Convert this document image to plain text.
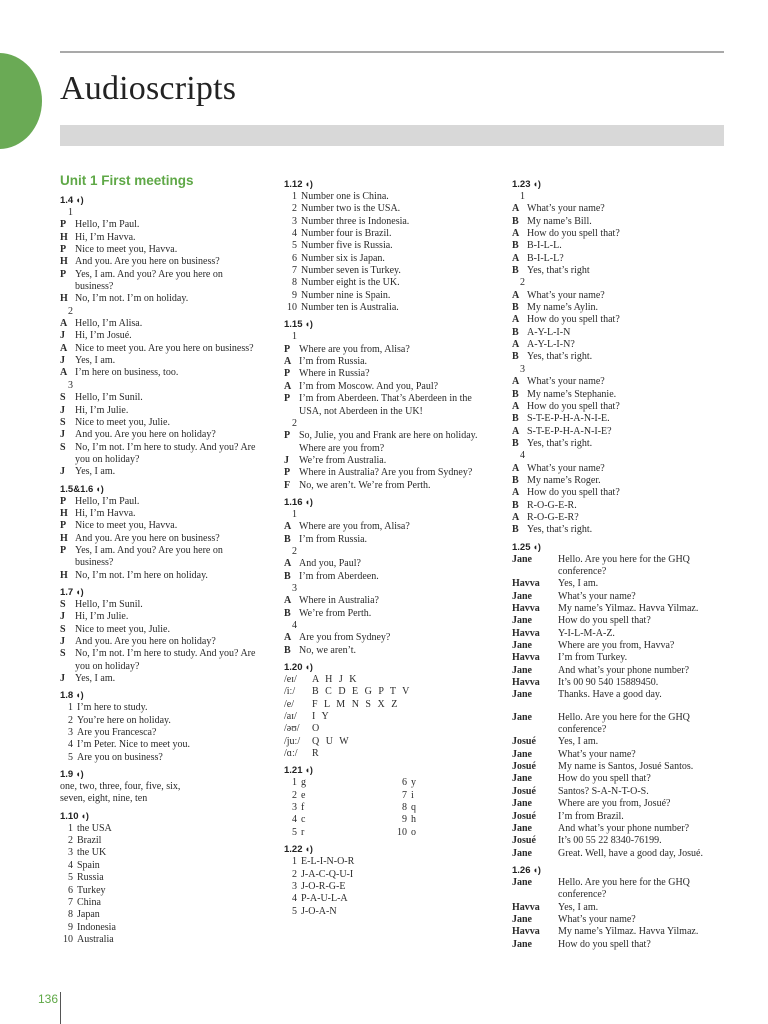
Audioscripts
Unit 1 First meetings
1.4 ◖)
1
P Hello, I’m Paul.
H Hi, I’m Havva.
P Nice to meet you, Havva.
H And you. Are you here on business?
P Yes, I am. And you? Are you here on
business?
H No, I’m not. I’m on holiday.
2
A Hello, I’m Alisa.
J	Hi, I’m Josué.
A Nice to meet you. Are you here on business?
J	Yes, I am.
A I’m here on business, too.
3
S Hello, I’m Sunil.
J	Hi, I’m Julie.
S Nice to meet you, Julie.
J	And you. Are you here on holiday?
S No, I’m not. I’m here to study. And you? Are
you on holiday?
J	Yes, I am.
1.5&1.6 ◖)
P Hello, I’m Paul.
H Hi, I’m Havva.
P Nice to meet you, Havva.
H And you. Are you here on business?
P Yes, I am. And you? Are you here on
business?
H No, I’m not. I’m here on holiday.
1.7 ◖)
S Hello, I’m Sunil.
J	Hi, I’m Julie.
S Nice to meet you, Julie.
J	And you. Are you here on holiday?
S No, I’m not. I’m here to study. And you? Are
you on holiday?
J	Yes, I am.
1.8 ◖)
1 I’m here to study.
2 You’re here on holiday.
3 Are you Francesca?
4 I’m Peter. Nice to meet you.
5 Are you on business?
1.9 ◖)
one, two, three, four, five, six,
seven, eight, nine, ten
1.10 ◖)
1 the USA
2 Brazil
3 the UK
4 Spain
5 Russia
6 Turkey
7 China
8 Japan
9 Indonesia
10 Australia
1.12 ◖)
1 Number one is China.
2 Number two is the USA.
3 Number three is Indonesia.
4 Number four is Brazil.
5 Number five is Russia.
6 Number six is Japan.
7 Number seven is Turkey.
8 Number eight is the UK.
9 Number nine is Spain.
10 Number ten is Australia.
1.15 ◖)
1
P Where are you from, Alisa?
A I’m from Russia.
P Where in Russia?
A I’m from Moscow. And you, Paul?
P I’m from Aberdeen. That’s Aberdeen in the
USA, not Aberdeen in the UK!
2
P So, Julie, you and Frank are here on holiday.
Where are you from?
J	We’re from Australia.
P Where in Australia? Are you from Sydney?
F No, we aren’t. We’re from Perth.
1.16 ◖)
1
A Where are you from, Alisa?
B I’m from Russia.
2
A And you, Paul?
B I’m from Aberdeen.
3
A Where in Australia?
B We’re from Perth.
4
A Are you from Sydney?
B No, we aren’t.
1.20 ◖)
/eɪ/	A H J K
/iː/	B C D E G P T V
/e/	F L M N S X Z
/aɪ/	I Y
/əʊ/	O
/juː/	Q U W
/ɑː/	R
1.21 ◖)
1 g	6 y
2 e	7 i
3 f	8 q
4 c	9 h
5 r	10 o
1.22 ◖)
1 E-L-I-N-O-R
2 J-A-C-Q-U-I
3 J-O-R-G-E
4 P-A-U-L-A
5 J-O-A-N
1.23 ◖)
1
A What’s your name?
B My name’s Bill.
A How do you spell that?
B B-I-L-L.
A B-I-L-L?
B Yes, that’s right
2
A What’s your name?
B My name’s Aylin.
A How do you spell that?
B A-Y-L-I-N
A A-Y-L-I-N?
B Yes, that’s right.
3
A What’s your name?
B My name’s Stephanie.
A How do you spell that?
B S-T-E-P-H-A-N-I-E.
A S-T-E-P-H-A-N-I-E?
B Yes, that’s right.
4
A What’s your name?
B My name’s Roger.
A How do you spell that?
B R-O-G-E-R.
A R-O-G-E-R?
B Yes, that’s right.
1.25 ◖)
Jane	Hello. Are you here for the GHQ
conference?
Havva	Yes, I am.
Jane	What’s your name?
Havva	My name’s Yilmaz. Havva Yilmaz.
Jane	How do you spell that?
Havva	Y-I-L-M-A-Z.
Jane	Where are you from, Havva?
Havva	I’m from Turkey.
Jane	And what’s your phone number?
Havva	It’s 00 90 540 15889450.
Jane	Thanks. Have a good day.
Jane	Hello. Are you here for the GHQ
conference?
Josué	Yes, I am.
Jane	What’s your name?
Josué	My name is Santos, Josué Santos.
Jane	How do you spell that?
Josué	Santos? S-A-N-T-O-S.
Jane	Where are you from, Josué?
Josué	I’m from Brazil.
Jane	And what’s your phone number?
Josué	It’s 00 55 22 8340-76199.
Jane	Great. Well, have a good day, Josué.
1.26 ◖)
Jane	Hello. Are you here for the GHQ
conference?
Havva	Yes, I am.
Jane	What’s your name?
Havva	My name’s Yilmaz. Havva Yilmaz.
Jane	How do you spell that?
136
